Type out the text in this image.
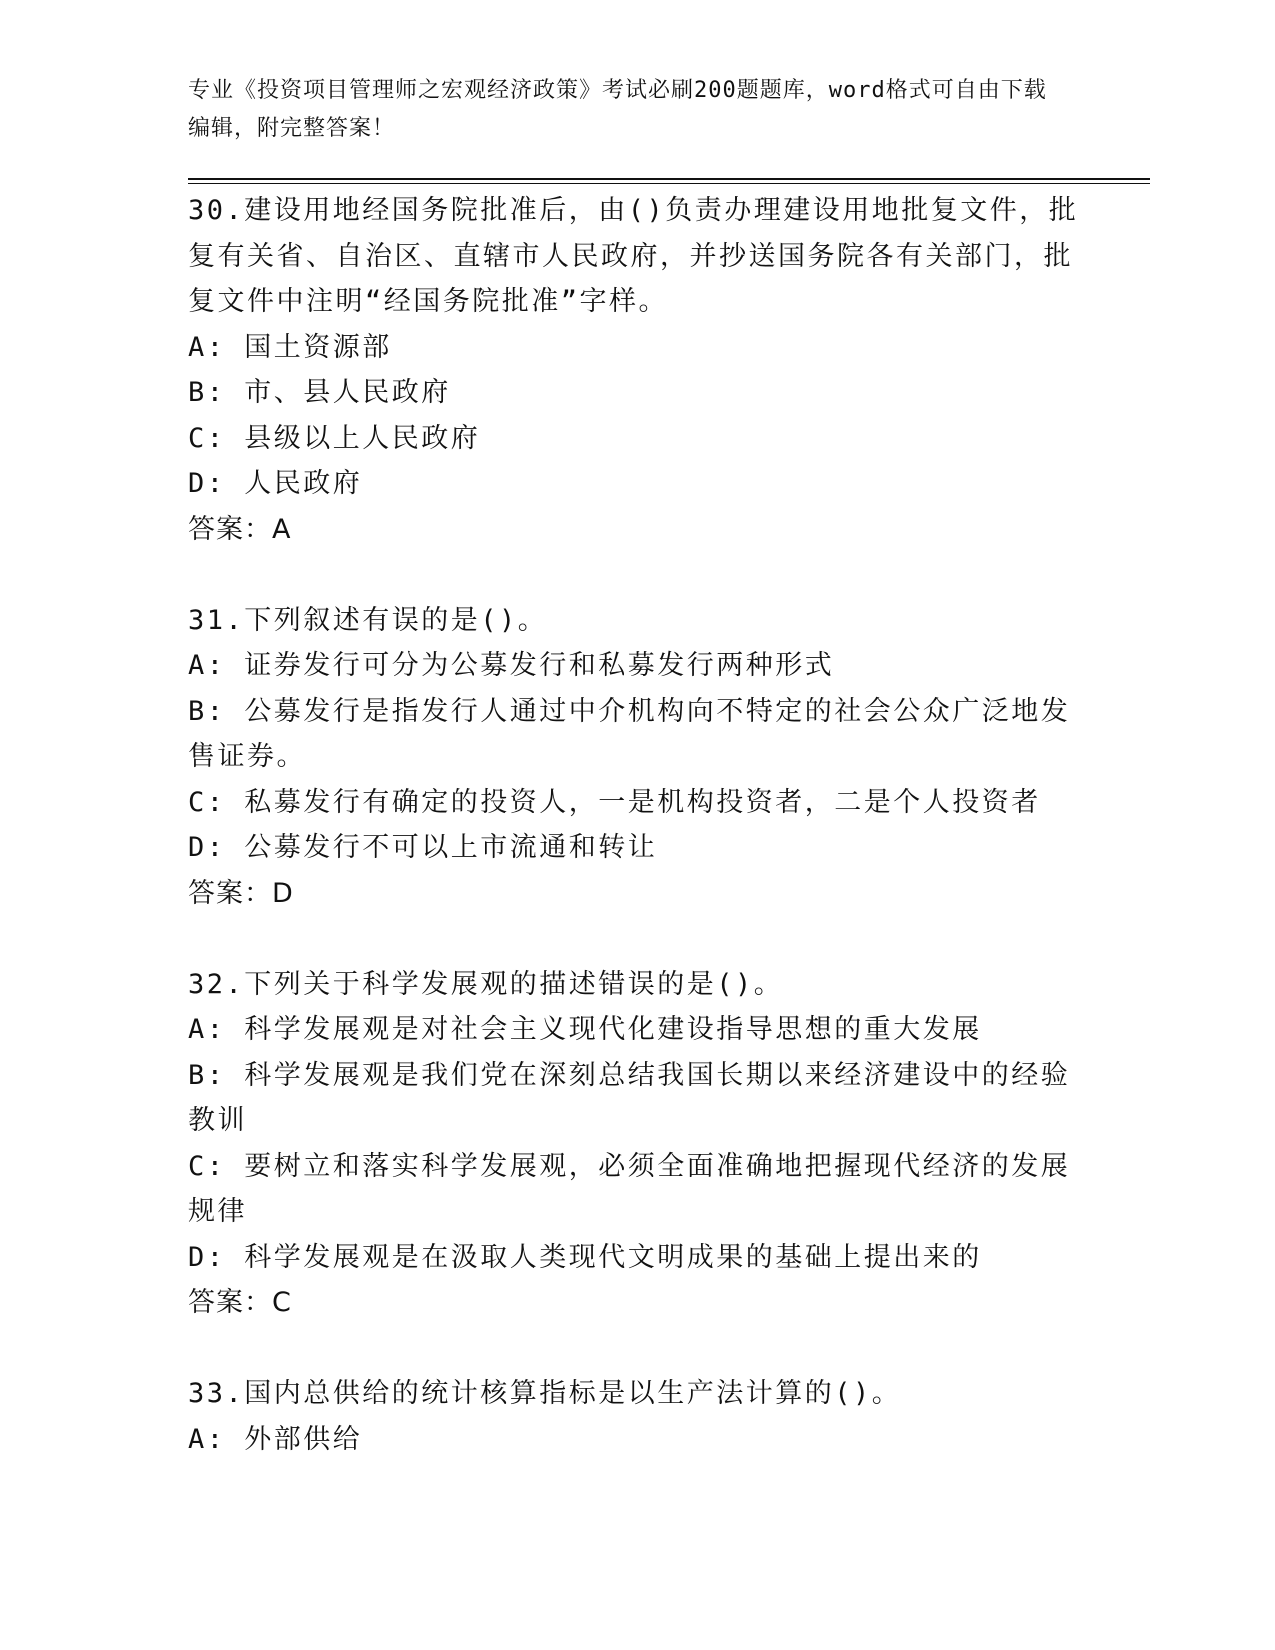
专业《投资项目管理师之宏观经济政策》考试必刷200题题库，word格式可自由下载编辑，附完整答案！

30.建设用地经国务院批准后，由()负责办理建设用地批复文件，批复有关省、自治区、直辖市人民政府，并抄送国务院各有关部门，批复文件中注明“经国务院批准”字样。

A: 国土资源部

B: 市、县人民政府

C: 县级以上人民政府

D: 人民政府

答案：A

31.下列叙述有误的是()。

A: 证券发行可分为公募发行和私募发行两种形式

B: 公募发行是指发行人通过中介机构向不特定的社会公众广泛地发售证券。

C: 私募发行有确定的投资人，一是机构投资者，二是个人投资者

D: 公募发行不可以上市流通和转让

答案：D

32.下列关于科学发展观的描述错误的是()。

A: 科学发展观是对社会主义现代化建设指导思想的重大发展

B: 科学发展观是我们党在深刻总结我国长期以来经济建设中的经验教训

C: 要树立和落实科学发展观，必须全面准确地把握现代经济的发展规律

D: 科学发展观是在汲取人类现代文明成果的基础上提出来的

答案：C

33.国内总供给的统计核算指标是以生产法计算的()。

A: 外部供给
